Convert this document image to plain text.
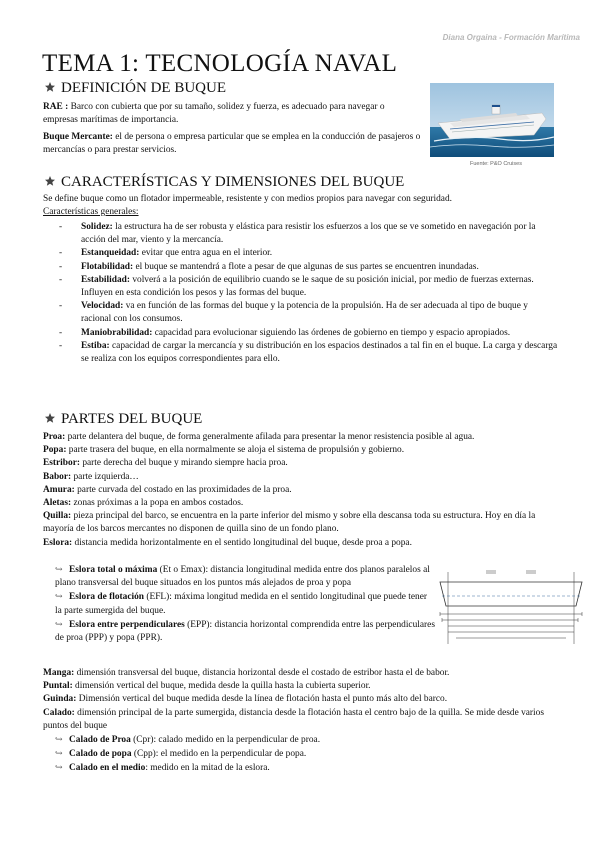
Diana Orgaina - Formación Marítima
TEMA 1: TECNOLOGÍA NAVAL
DEFINICIÓN DE BUQUE

RAE : Barco con cubierta que por su tamaño, solidez y fuerza, es adecuado para navegar o empresas marítimas de importancia.

Buque Mercante: el de persona o empresa particular que se emplea en la conducción de pasajeros o mercancías o para prestar servicios.

Fuente: P&O Cruises
CARACTERÍSTICAS Y DIMENSIONES DEL BUQUE

Se define buque como un flotador impermeable, resistente y con medios propios para navegar con seguridad.

Características generales:

- Solidez: la estructura ha de ser robusta y elástica para resistir los esfuerzos a los que se ve sometido en navegación por la acción del mar, viento y la mercancía.
- Estanqueidad: evitar que entra agua en el interior.
- Flotabilidad: el buque se mantendrá a flote a pesar de que algunas de sus partes se encuentren inundadas.
- Estabilidad: volverá a la posición de equilibrio cuando se le saque de su posición inicial, por medio de fuerzas externas. Influyen en esta condición los pesos y las formas del buque.
- Velocidad: va en función de las formas del buque y la potencia de la propulsión. Ha de ser adecuada al tipo de buque y racional con los consumos.
- Maniobrabilidad: capacidad para evolucionar siguiendo las órdenes de gobierno en tiempo y espacio apropiados.
- Estiba: capacidad de cargar la mercancía y su distribución en los espacios destinados a tal fin en el buque. La carga y descarga se realiza con los equipos correspondientes para ello.
PARTES DEL BUQUE
Proa: parte delantera del buque, de forma generalmente afilada para presentar la menor resistencia posible al agua.
Popa: parte trasera del buque, en ella normalmente se aloja el sistema de propulsión y gobierno.
Estribor: parte derecha del buque y mirando siempre hacia proa.
Babor: parte izquierda…
Amura: parte curvada del costado en las proximidades de la proa.
Aletas: zonas próximas a la popa en ambos costados.
Quilla: pieza principal del barco, se encuentra en la parte inferior del mismo y sobre ella descansa toda su estructura. Hoy en día la mayoría de los barcos mercantes no disponen de quilla sino de un fondo plano.
Eslora: distancia medida horizontalmente en el sentido longitudinal del buque, desde proa a popa.
↪ Eslora total o máxima (Et o Emax): distancia longitudinal medida entre dos planos paralelos al plano transversal del buque situados en los puntos más alejados de proa y popa
↪ Eslora de flotación (EFL): máxima longitud medida en el sentido longitudinal que puede tener la parte sumergida del buque.
↪ Eslora entre perpendiculares (EPP): distancia horizontal comprendida entre las perpendiculares de proa (PPP) y popa (PPR).
Manga: dimensión transversal del buque, distancia horizontal desde el costado de estribor hasta el de babor.
Puntal: dimensión vertical del buque, medida desde la quilla hasta la cubierta superior.
Guinda: Dimensión vertical del buque medida desde la línea de flotación hasta el punto más alto del barco.
Calado: dimensión principal de la parte sumergida, distancia desde la flotación hasta el centro bajo de la quilla. Se mide desde varios puntos del buque
↪ Calado de Proa (Cpr): calado medido en la perpendicular de proa.
↪ Calado de popa (Cpp): el medido en la perpendicular de popa.
↪ Calado en el medio: medido en la mitad de la eslora.
